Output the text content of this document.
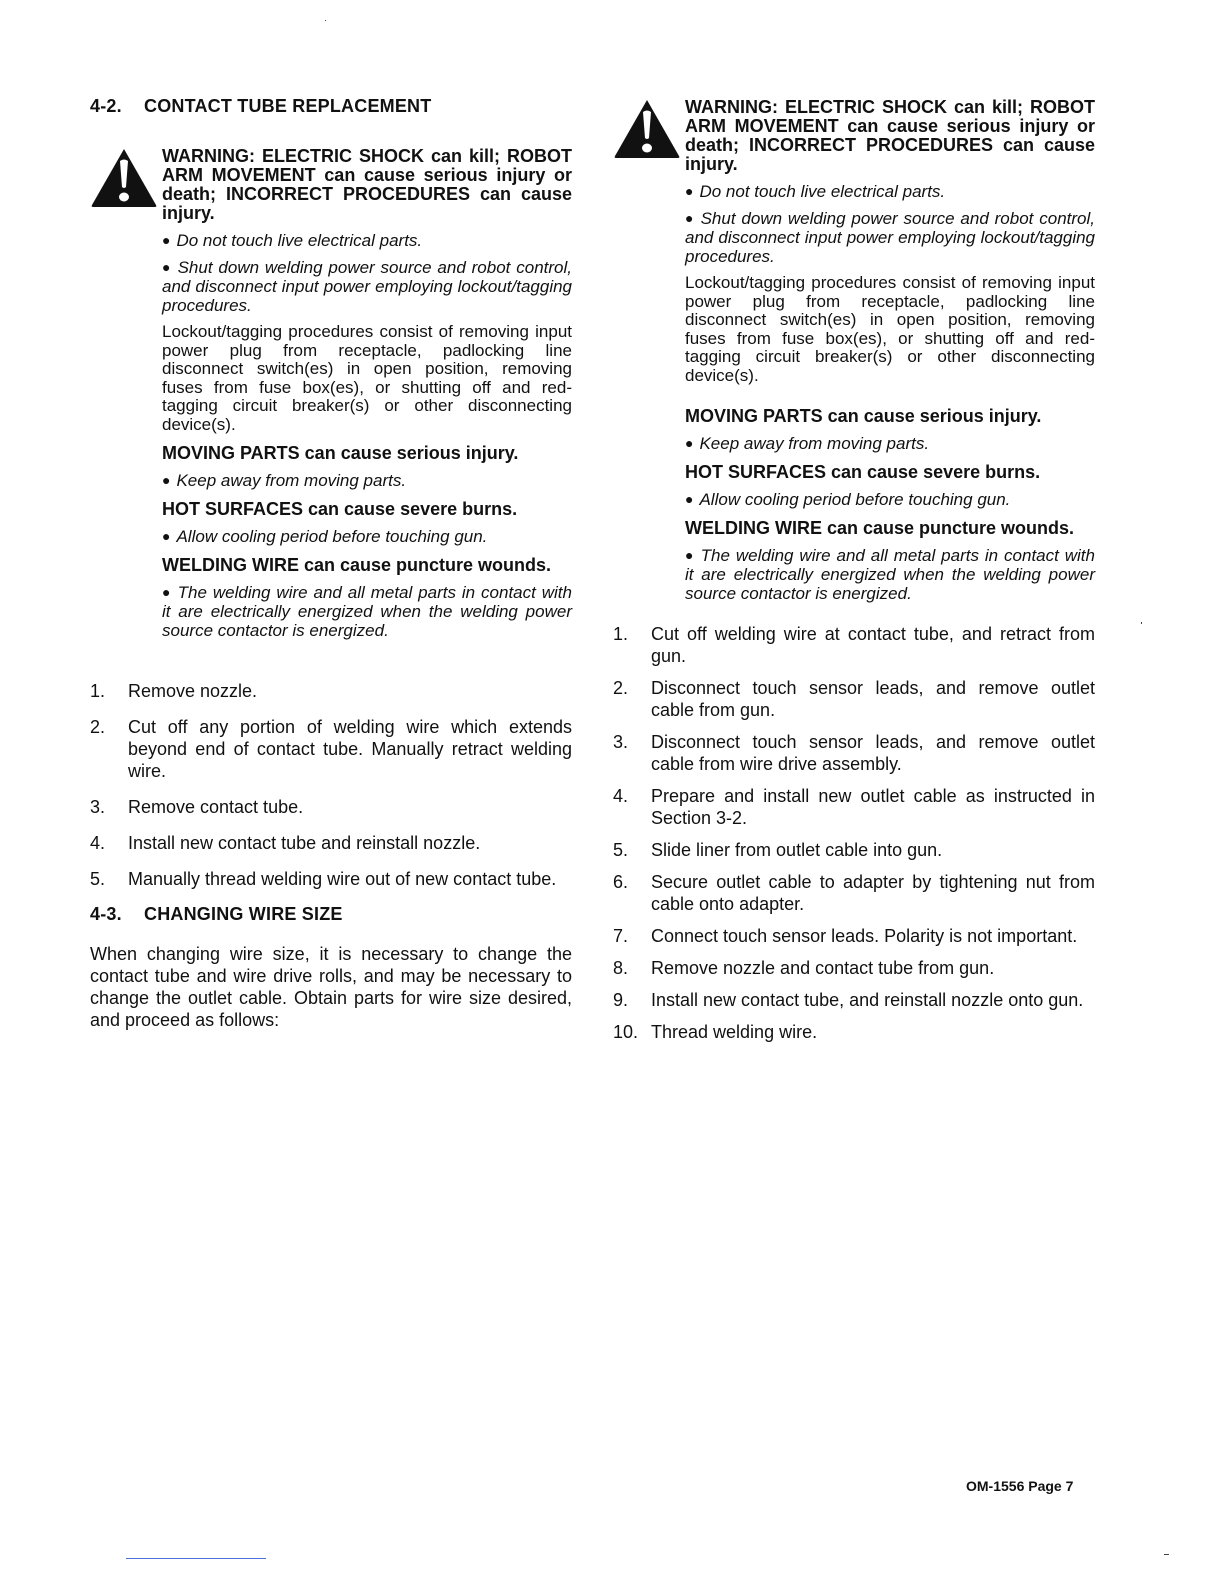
4-2. CONTACT TUBE REPLACEMENT

WARNING: ELECTRIC SHOCK can kill; ROBOT ARM MOVEMENT can cause serious injury or death; INCORRECT PROCEDURES can cause injury.

● Do not touch live electrical parts.

● Shut down welding power source and robot control, and disconnect input power employing lockout/tagging procedures.

Lockout/tagging procedures consist of removing input power plug from receptacle, padlocking line disconnect switch(es) in open position, removing fuses from fuse box(es), or shutting off and red-tagging circuit breaker(s) or other disconnecting device(s).

MOVING PARTS can cause serious injury.

● Keep away from moving parts.

HOT SURFACES can cause severe burns.

● Allow cooling period before touching gun.

WELDING WIRE can cause puncture wounds.

● The welding wire and all metal parts in contact with it are electrically energized when the welding power source contactor is energized.

1. Remove nozzle.
2. Cut off any portion of welding wire which extends beyond end of contact tube. Manually retract welding wire.
3. Remove contact tube.
4. Install new contact tube and reinstall nozzle.
5. Manually thread welding wire out of new contact tube.
4-3. CHANGING WIRE SIZE

When changing wire size, it is necessary to change the contact tube and wire drive rolls, and may be necessary to change the outlet cable. Obtain parts for wire size desired, and proceed as follows:

WARNING: ELECTRIC SHOCK can kill; ROBOT ARM MOVEMENT can cause serious injury or death; INCORRECT PROCEDURES can cause injury.

● Do not touch live electrical parts.

● Shut down welding power source and robot control, and disconnect input power employing lockout/tagging procedures.

Lockout/tagging procedures consist of removing input power plug from receptacle, padlocking line disconnect switch(es) in open position, removing fuses from fuse box(es), or shutting off and red-tagging circuit breaker(s) or other disconnecting device(s).

MOVING PARTS can cause serious injury.

● Keep away from moving parts.

HOT SURFACES can cause severe burns.

● Allow cooling period before touching gun.

WELDING WIRE can cause puncture wounds.

● The welding wire and all metal parts in contact with it are electrically energized when the welding power source contactor is energized.

1. Cut off welding wire at contact tube, and retract from gun.
2. Disconnect touch sensor leads, and remove outlet cable from gun.
3. Disconnect touch sensor leads, and remove outlet cable from wire drive assembly.
4. Prepare and install new outlet cable as instructed in Section 3-2.
5. Slide liner from outlet cable into gun.
6. Secure outlet cable to adapter by tightening nut from cable onto adapter.
7. Connect touch sensor leads. Polarity is not important.
8. Remove nozzle and contact tube from gun.
9. Install new contact tube, and reinstall nozzle onto gun.
10. Thread welding wire.
OM-1556 Page 7
